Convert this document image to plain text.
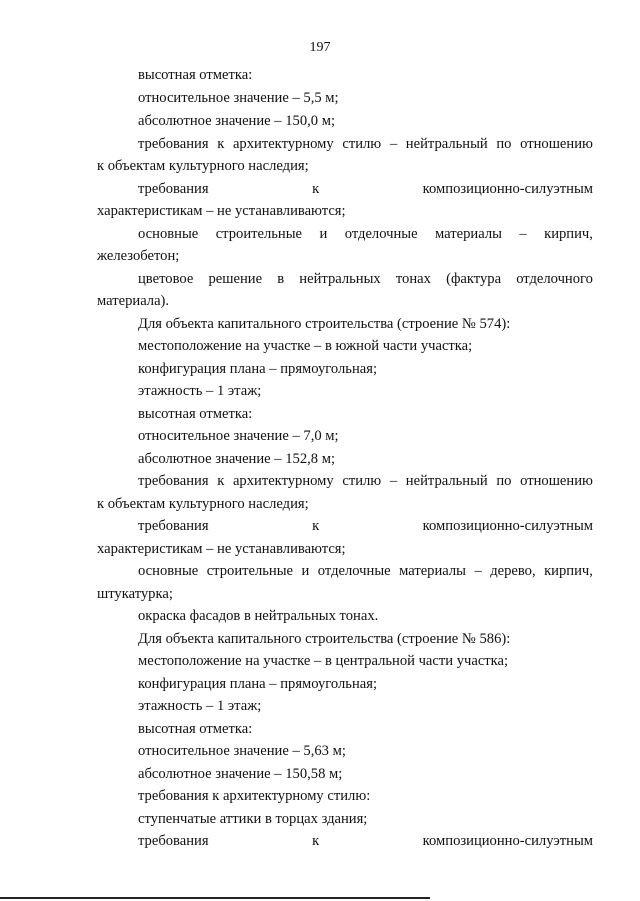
197
высотная отметка:
относительное значение – 5,5 м;
абсолютное значение – 150,0 м;
требования к архитектурному стилю – нейтральный по отношению
к объектам культурного наследия;
требования	к	композиционно-силуэтным
характеристикам – не устанавливаются;
основные строительные и отделочные материалы – кирпич,
железобетон;
цветовое решение в нейтральных тонах (фактура отделочного
материала).
Для объекта капитального строительства (строение № 574):
местоположение на участке – в южной части участка;
конфигурация плана – прямоугольная;
этажность – 1 этаж;
высотная отметка:
относительное значение – 7,0 м;
абсолютное значение – 152,8 м;
требования к архитектурному стилю – нейтральный по отношению
к объектам культурного наследия;
требования	к	композиционно-силуэтным
характеристикам – не устанавливаются;
основные строительные и отделочные материалы – дерево, кирпич,
штукатурка;
окраска фасадов в нейтральных тонах.
Для объекта капитального строительства (строение № 586):
местоположение на участке – в центральной части участка;
конфигурация плана – прямоугольная;
этажность – 1 этаж;
высотная отметка:
относительное значение – 5,63 м;
абсолютное значение – 150,58 м;
требования к архитектурному стилю:
ступенчатые аттики в торцах здания;
требования	к	композиционно-силуэтным
